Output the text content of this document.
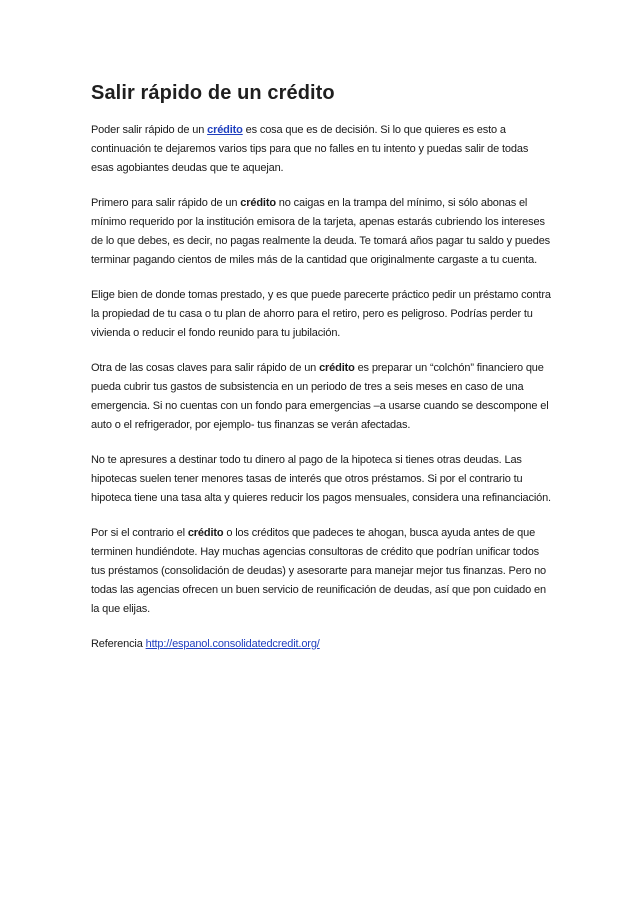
Salir rápido de un crédito

Poder salir rápido de un crédito es cosa que es de decisión. Si lo que quieres es esto a continuación te dejaremos varios tips para que no falles en tu intento y puedas salir de todas esas agobiantes deudas que te aquejan.

Primero para salir rápido de un crédito no caigas en la trampa del mínimo, si sólo abonas el mínimo requerido por la institución emisora de la tarjeta, apenas estarás cubriendo los intereses de lo que debes, es decir, no pagas realmente la deuda. Te tomará años pagar tu saldo y puedes terminar pagando cientos de miles más de la cantidad que originalmente cargaste a tu cuenta.

Elige bien de donde tomas prestado, y es que puede parecerte práctico pedir un préstamo contra la propiedad de tu casa o tu plan de ahorro para el retiro, pero es peligroso. Podrías perder tu vivienda o reducir el fondo reunido para tu jubilación.

Otra de las cosas claves para salir rápido de un crédito es preparar un “colchón” financiero que pueda cubrir tus gastos de subsistencia en un periodo de tres a seis meses en caso de una emergencia. Si no cuentas con un fondo para emergencias –a usarse cuando se descompone el auto o el refrigerador, por ejemplo- tus finanzas se verán afectadas.

No te apresures a destinar todo tu dinero al pago de la hipoteca si tienes otras deudas. Las hipotecas suelen tener menores tasas de interés que otros préstamos. Si por el contrario tu hipoteca tiene una tasa alta y quieres reducir los pagos mensuales, considera una refinanciación.

Por si el contrario el crédito o los créditos que padeces te ahogan, busca ayuda antes de que terminen hundiéndote. Hay muchas agencias consultoras de crédito que podrían unificar todos tus préstamos (consolidación de deudas) y asesorarte para manejar mejor tus finanzas. Pero no todas las agencias ofrecen un buen servicio de reunificación de deudas, así que pon cuidado en la que elijas.

Referencia http://espanol.consolidatedcredit.org/
